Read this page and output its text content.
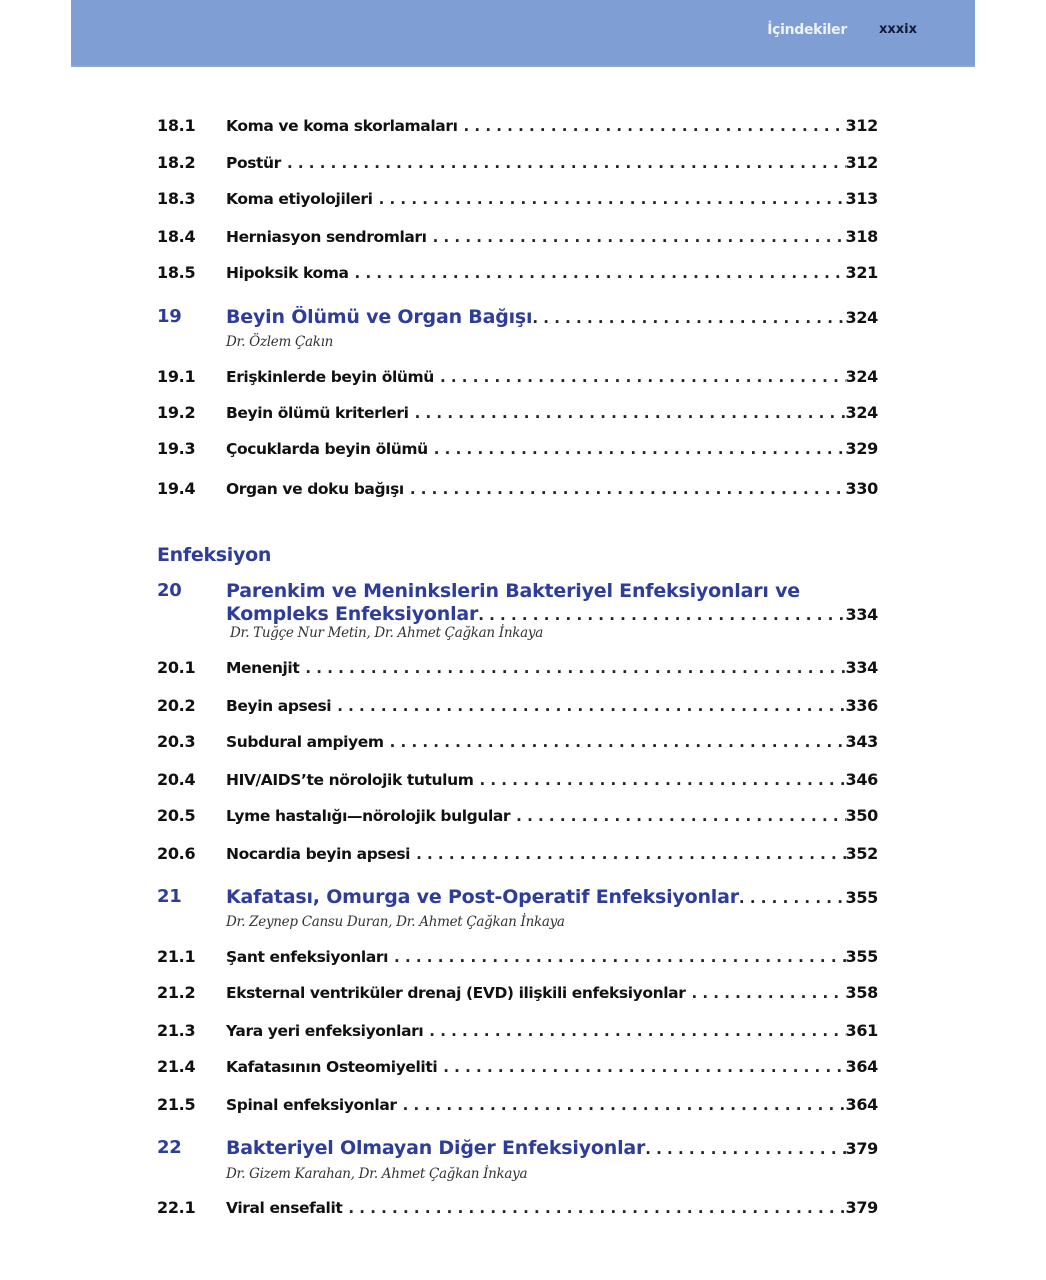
İçindekiler xxxix
18.1 Koma ve koma skorlamaları . . .	312
18.2 Postür . . .	312
18.3 Koma etiyolojileri . . .	313
18.4 Herniasyon sendromları . . .	318
18.5 Hipoksik koma . . .	321
19 Beyin Ölümü ve Organ Bağışı . . .	324
Dr. Özlem Çakın
19.1 Erişkinlerde beyin ölümü . . .	324
19.2 Beyin ölümü kriterleri . . .	324
19.3 Çocuklarda beyin ölümü . . .	329
19.4 Organ ve doku bağışı . . .	330
Enfeksiyon
20 Parenkim ve Meninkslerin Bakteriyel Enfeksiyonları ve
Kompleks Enfeksiyonlar . . .	334
Dr. Tuğçe Nur Metin, Dr. Ahmet Çağkan İnkaya
20.1 Menenjit . . .	334
20.2 Beyin apsesi . . .	336
20.3 Subdural ampiyem . . .	343
20.4 HIV/AIDS’te nörolojik tutulum . . .	346
20.5 Lyme hastalığı—nörolojik bulgular . . .	350
20.6 Nocardia beyin apsesi . . .	352
21 Kafatası, Omurga ve Post-Operatif Enfeksiyonlar . . .	355
Dr. Zeynep Cansu Duran, Dr. Ahmet Çağkan İnkaya
21.1 Şant enfeksiyonları . . .	355
21.2 Eksternal ventriküler drenaj (EVD) ilişkili enfeksiyonlar . . .	358
21.3 Yara yeri enfeksiyonları . . .	361
21.4 Kafatasının Osteomiyeliti . . .	364
21.5 Spinal enfeksiyonlar . . .	364
22 Bakteriyel Olmayan Diğer Enfeksiyonlar . . .	379
Dr. Gizem Karahan, Dr. Ahmet Çağkan İnkaya
22.1 Viral ensefalit . . .	379
